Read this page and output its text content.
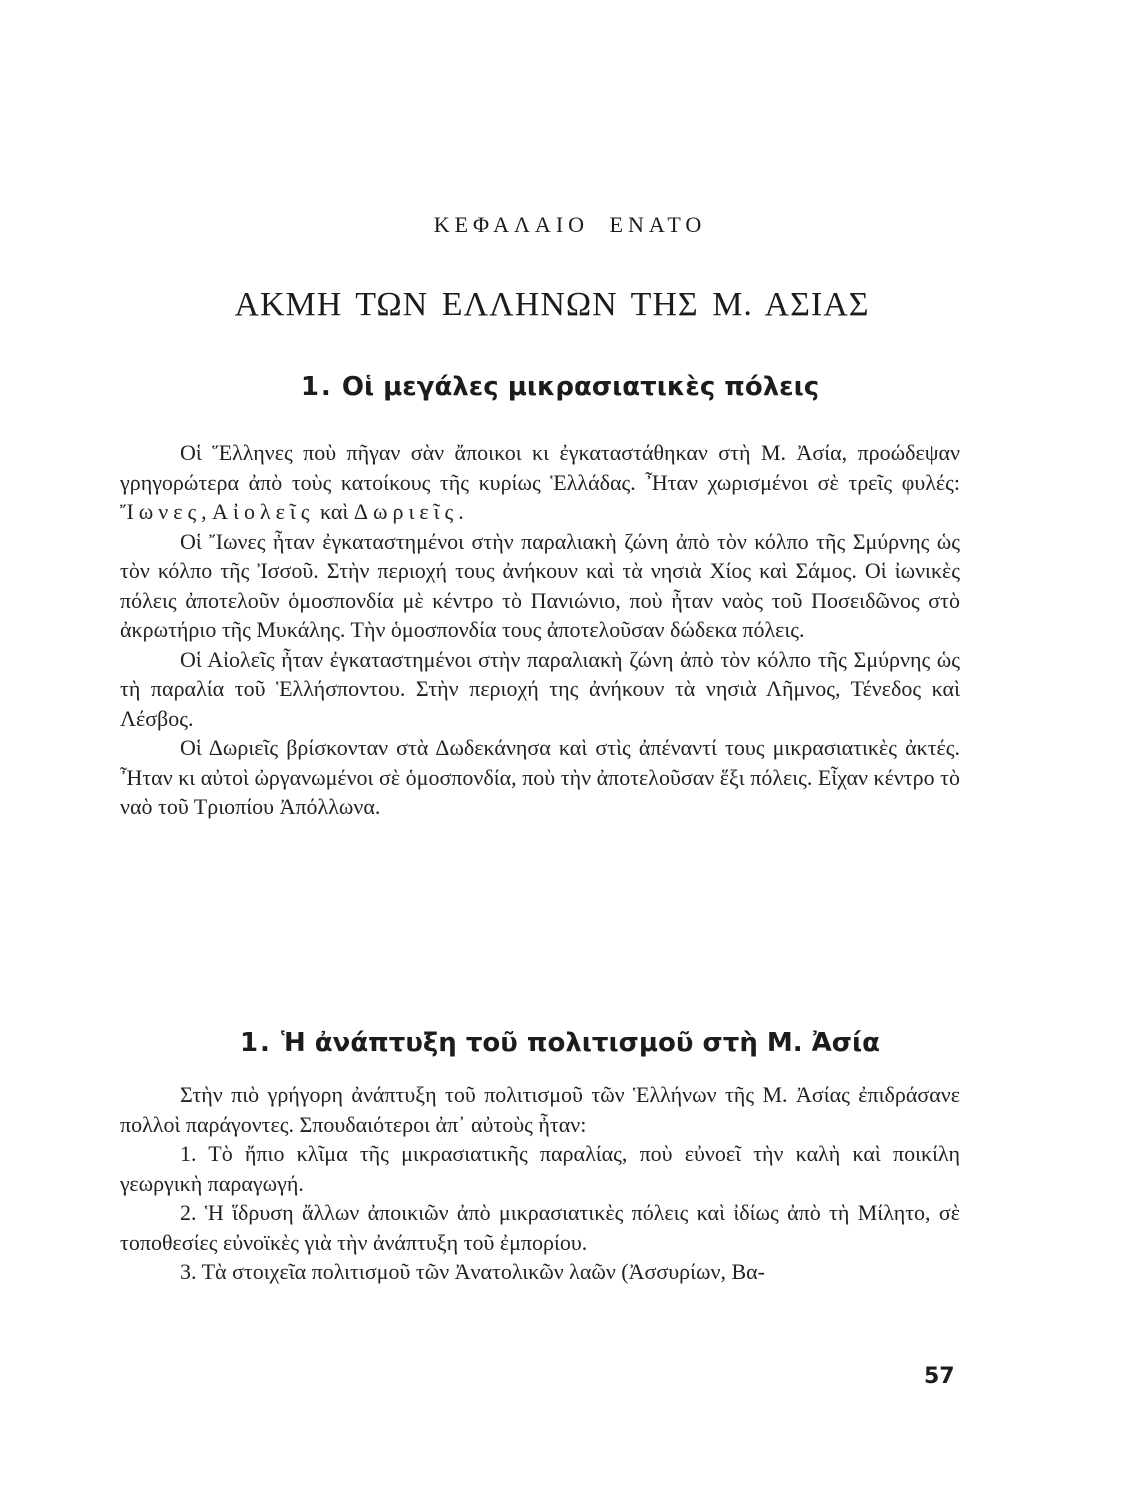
ΚΕΦΑΛΑΙΟ ΕΝΑΤΟ
ΑΚΜΗ ΤΩΝ ΕΛΛΗΝΩΝ ΤΗΣ Μ. ΑΣΙΑΣ
1. Οἱ μεγάλες μικρασιατικὲς πόλεις

Οἱ Ἕλληνες ποὺ πῆγαν σὰν ἄποικοι κι ἐγκαταστάθηκαν στὴ Μ. Ἀσία, προώδεψαν γρηγορώτερα ἀπὸ τοὺς κατοίκους τῆς κυρίως Ἑλλάδας. Ἦταν χωρισμένοι σὲ τρεῖς φυλές: Ἴωνες, Αἰολεῖς καὶ Δωριεῖς.

Οἱ Ἴωνες ἦταν ἐγκαταστημένοι στὴν παραλιακὴ ζώνη ἀπὸ τὸν κόλπο τῆς Σμύρνης ὡς τὸν κόλπο τῆς Ἰσσοῦ. Στὴν περιοχή τους ἀνήκουν καὶ τὰ νησιὰ Χίος καὶ Σάμος. Οἱ ἰωνικὲς πόλεις ἀποτελοῦν ὁμοσπονδία μὲ κέντρο τὸ Πανιώνιο, ποὺ ἦταν ναὸς τοῦ Ποσειδῶνος στὸ ἀκρωτήριο τῆς Μυκάλης. Τὴν ὁμοσπονδία τους ἀποτελοῦσαν δώδεκα πόλεις.

Οἱ Αἰολεῖς ἦταν ἐγκαταστημένοι στὴν παραλιακὴ ζώνη ἀπὸ τὸν κόλπο τῆς Σμύρνης ὡς τὴ παραλία τοῦ Ἑλλήσποντου. Στὴν περιοχή της ἀνήκουν τὰ νησιὰ Λῆμνος, Τένεδος καὶ Λέσβος.

Οἱ Δωριεῖς βρίσκονταν στὰ Δωδεκάνησα καὶ στὶς ἀπέναντί τους μικρασιατικὲς ἀκτές. Ἦταν κι αὐτοὶ ὠργανωμένοι σὲ ὁμοσπονδία, ποὺ τὴν ἀποτελοῦσαν ἕξι πόλεις. Εἶχαν κέντρο τὸ ναὸ τοῦ Τριοπίου Ἀπόλλωνα.

1. Ἡ ἀνάπτυξη τοῦ πολιτισμοῦ στὴ Μ. Ἀσία

Στὴν πιὸ γρήγορη ἀνάπτυξη τοῦ πολιτισμοῦ τῶν Ἑλλήνων τῆς Μ. Ἀσίας ἐπιδράσανε πολλοὶ παράγοντες. Σπουδαιότεροι ἀπ᾽ αὐτοὺς ἦταν:

1. Τὸ ἤπιο κλῖμα τῆς μικρασιατικῆς παραλίας, ποὺ εὐνοεῖ τὴν καλὴ καὶ ποικίλη γεωργικὴ παραγωγή.

2. Ἡ ἵδρυση ἄλλων ἀποικιῶν ἀπὸ μικρασιατικὲς πόλεις καὶ ἰδίως ἀπὸ τὴ Μίλητο, σὲ τοποθεσίες εὐνοϊκὲς γιὰ τὴν ἀνάπτυξη τοῦ ἐμπορίου.

3. Τὰ στοιχεῖα πολιτισμοῦ τῶν Ἀνατολικῶν λαῶν (Ἀσσυρίων, Βα-

57
